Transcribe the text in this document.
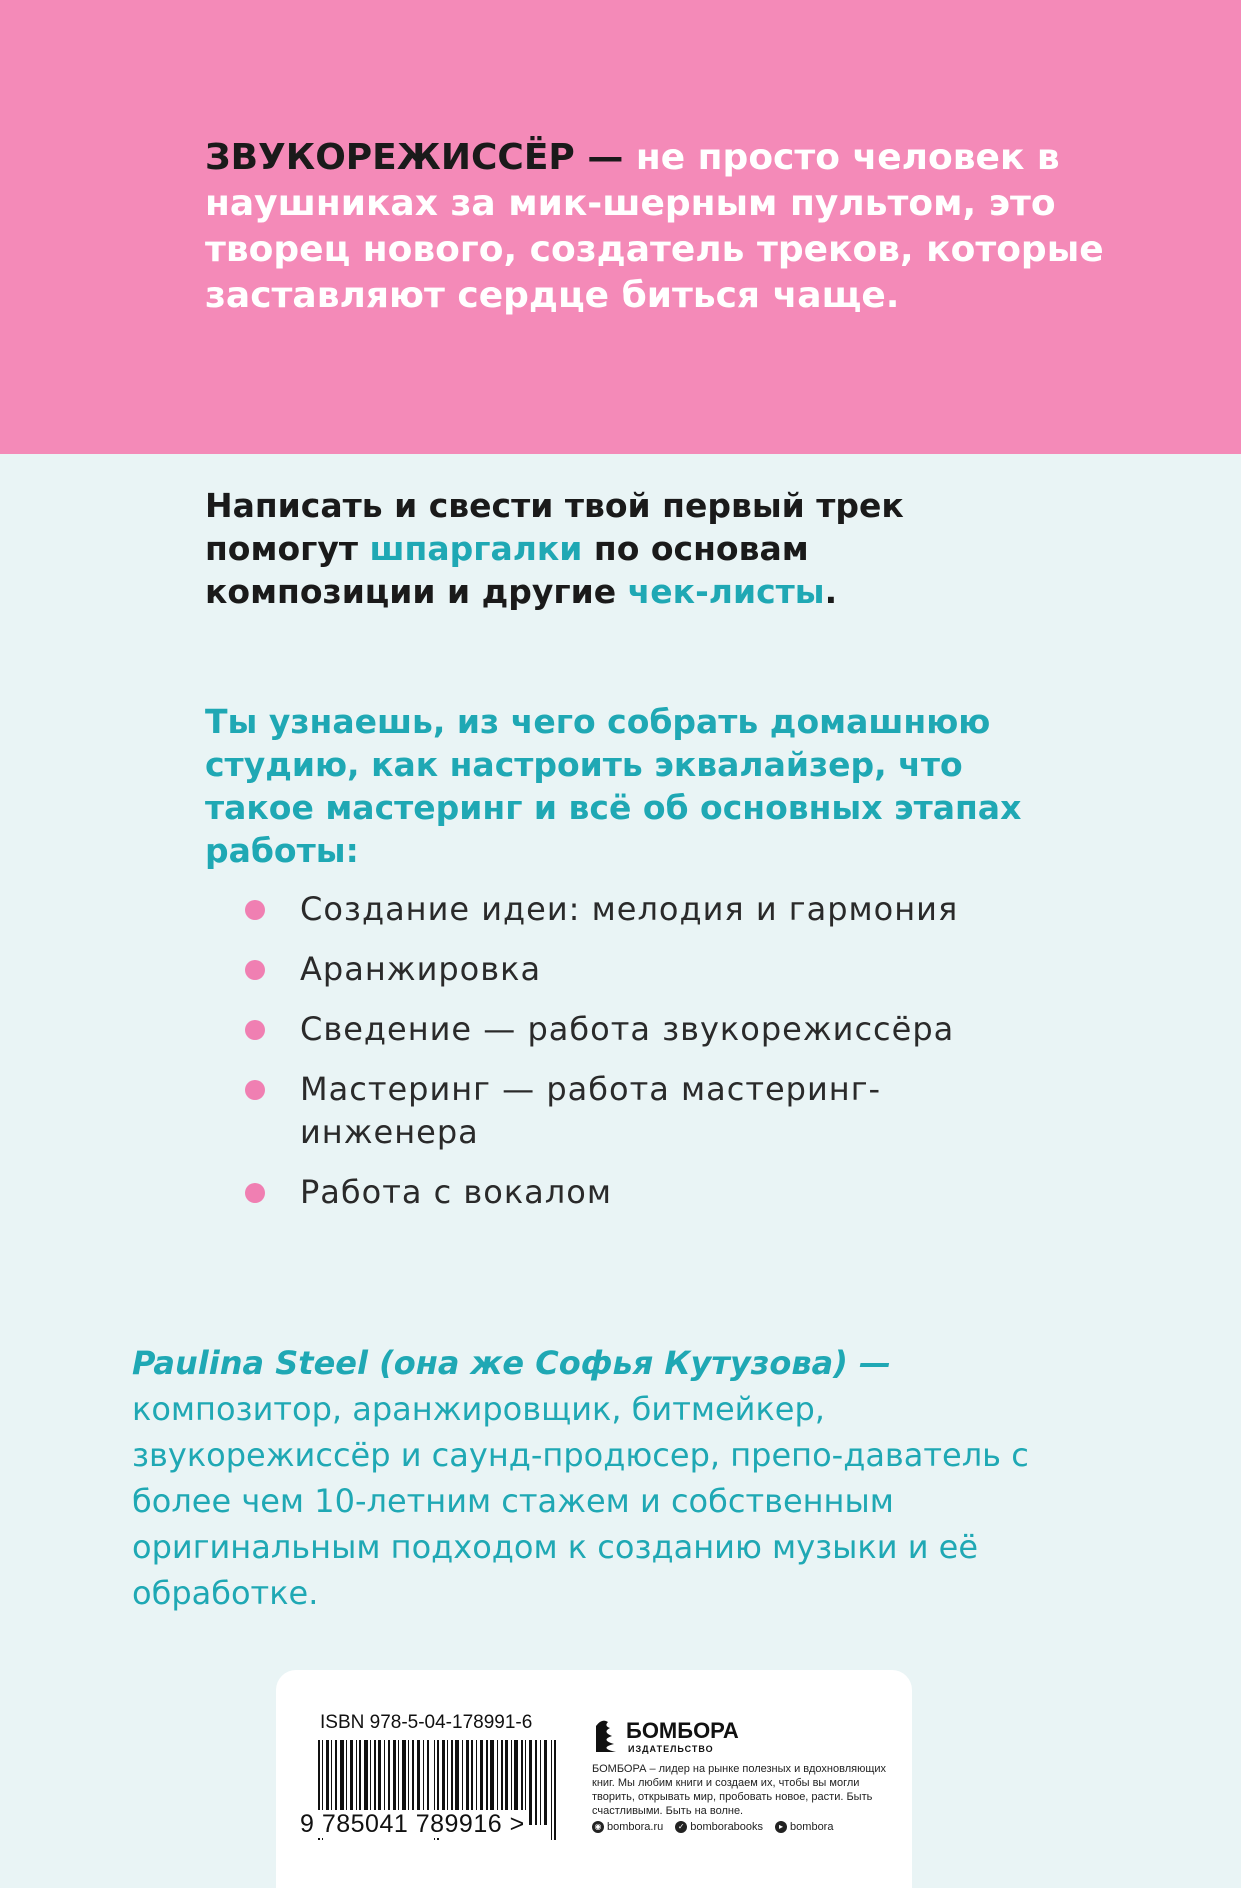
ЗВУКОРЕЖИССЁР — не просто человек в наушниках за мик-шерным пультом, это творец нового, создатель треков, которые заставляют сердце биться чаще.

Написать и свести твой первый трек помогут шпаргалки по основам композиции и другие чек-листы.

Ты узнаешь, из чего собрать домашнюю студию, как настроить эквалайзер, что такое мастеринг и всё об основных этапах работы:

Создание идеи: мелодия и гармония
Аранжировка
Сведение — работа звукорежиссёра
Мастеринг — работа мастеринг-инженера
Работа с вокалом

Paulina Steel (она же Софья Кутузова) — композитор, аранжировщик, битмейкер, звукорежиссёр и саунд-продюсер, препо-даватель с более чем 10-летним стажем и собственным оригинальным подходом к созданию музыки и её обработке.

ISBN 978-5-04-178991-6
9 785041 789916 >
БОМБОРА
ИЗДАТЕЛЬСТВО

БОМБОРА – лидер на рынке полезных и вдохновляющих книг. Мы любим книги и создаем их, чтобы вы могли творить, открывать мир, пробовать новое, расти. Быть счастливыми. Быть на волне.

◉ bombora.ru	✓ bomborabooks	▸ bombora
